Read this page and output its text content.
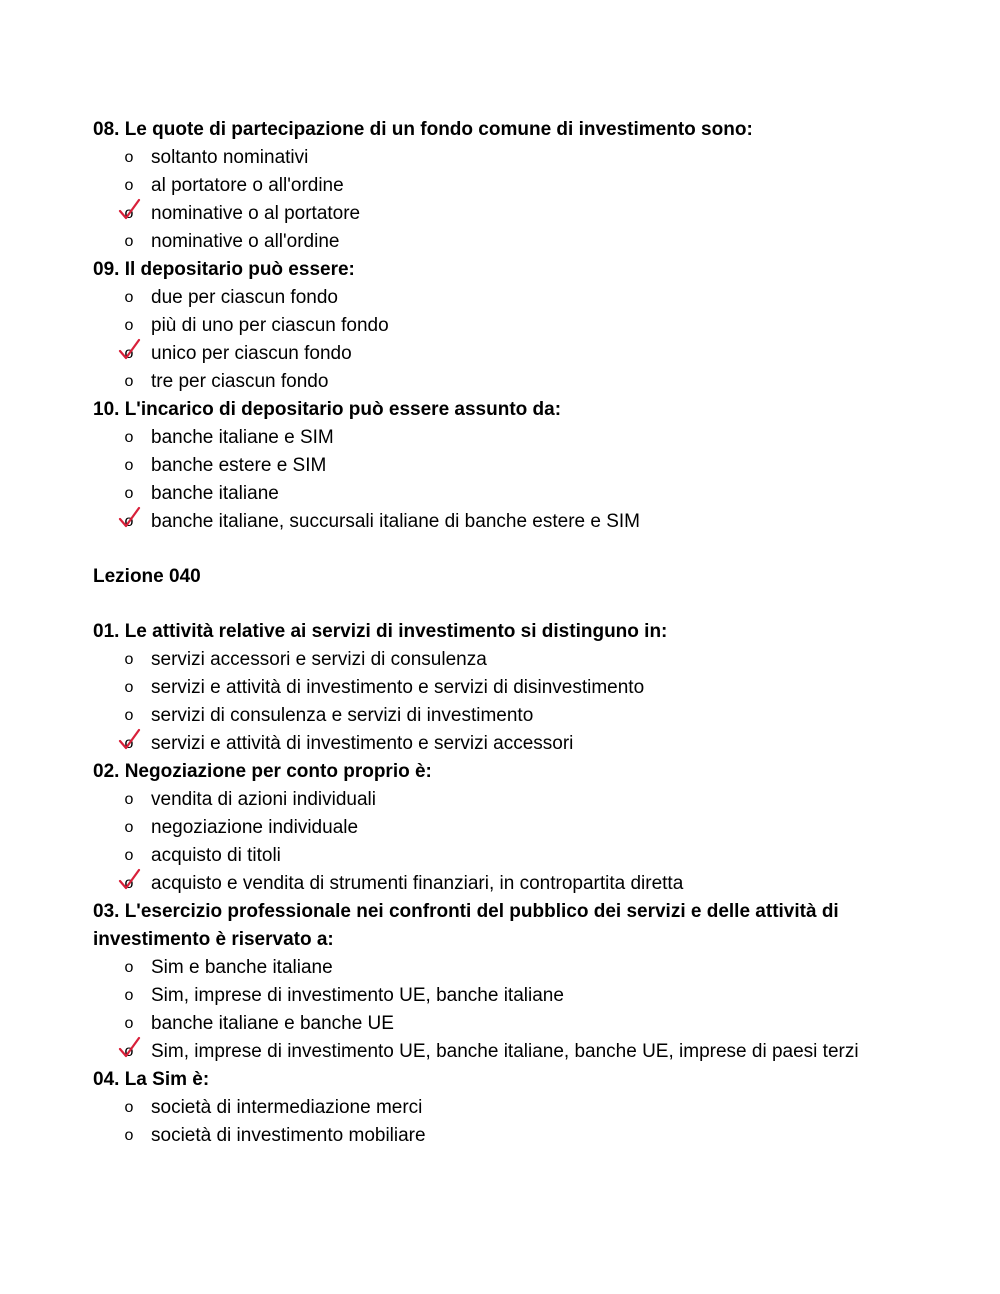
08. Le quote di partecipazione di un fondo comune di investimento sono:
o soltanto nominativi
o al portatore o all'ordine
o nominative o al portatore
o nominative o all'ordine
09. Il depositario può essere:
o due per ciascun fondo
o più di uno per ciascun fondo
o unico per ciascun fondo
o tre per ciascun fondo
10. L'incarico di depositario può essere assunto da:
o banche italiane e SIM
o banche estere e SIM
o banche italiane
o banche italiane, succursali italiane di banche estere e SIM
Lezione 040
01. Le attività relative ai servizi di investimento si distinguno in:
o servizi accessori e servizi di consulenza
o servizi e attività di investimento e servizi di disinvestimento
o servizi di consulenza e servizi di investimento
o servizi e attività di investimento e servizi accessori
02. Negoziazione per conto proprio è:
o vendita di azioni individuali
o negoziazione individuale
o acquisto di titoli
o acquisto e vendita di strumenti finanziari, in contropartita diretta
03. L'esercizio professionale nei confronti del pubblico dei servizi e delle attività di investimento è riservato a:
o Sim e banche italiane
o Sim, imprese di investimento UE, banche italiane
o banche italiane e banche UE
o Sim, imprese di investimento UE, banche italiane, banche UE, imprese di paesi terzi
04. La Sim è:
o società di intermediazione merci
o società di investimento mobiliare
